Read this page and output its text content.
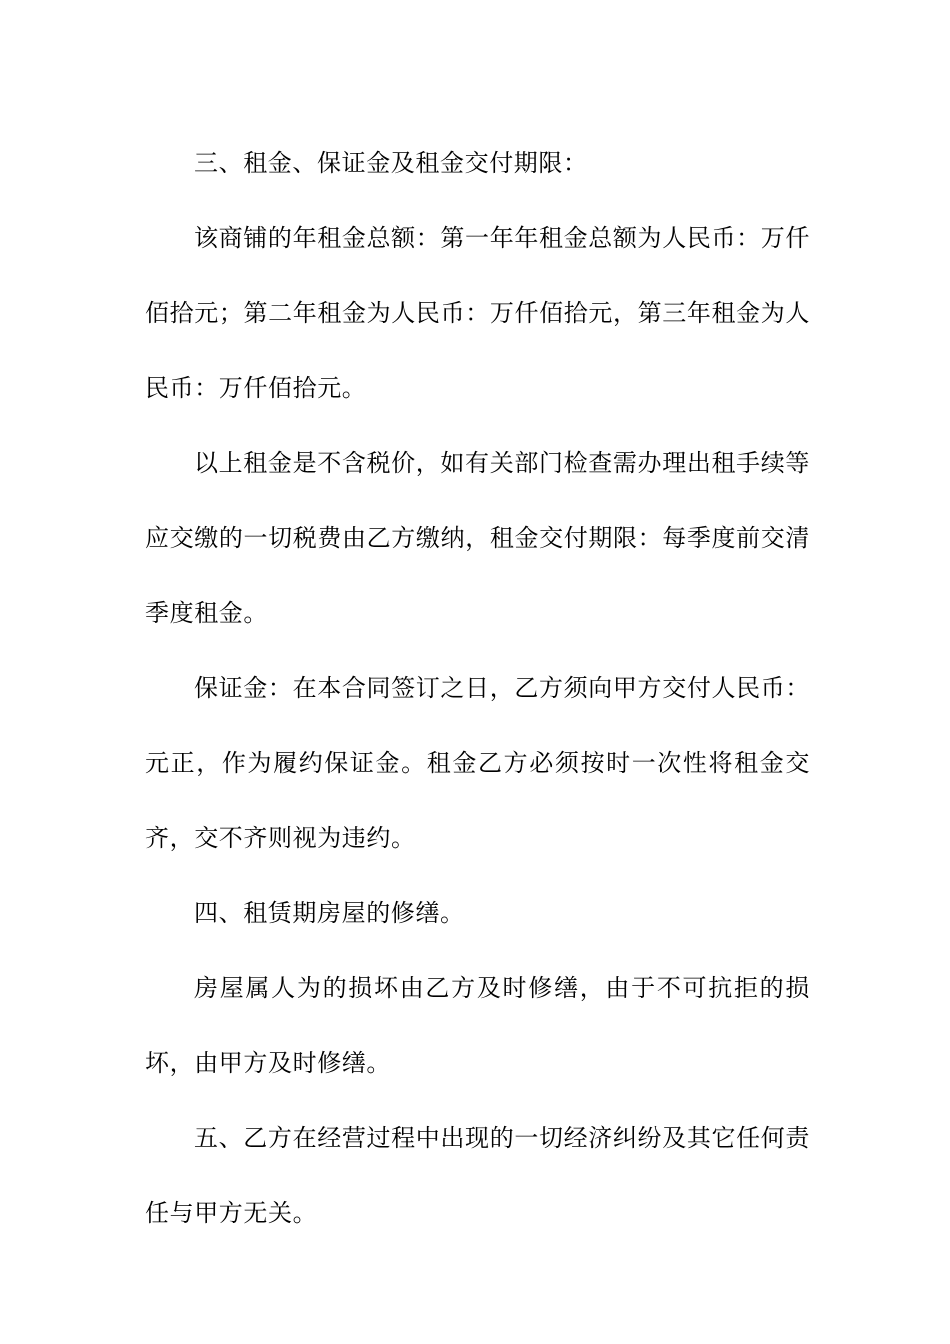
三、租金、保证金及租金交付期限：

该商铺的年租金总额：第一年年租金总额为人民币：万仟佰拾元；第二年租金为人民币：万仟佰拾元，第三年租金为人民币：万仟佰拾元。

以上租金是不含税价，如有关部门检查需办理出租手续等应交缴的一切税费由乙方缴纳，租金交付期限：每季度前交清季度租金。

保证金：在本合同签订之日，乙方须向甲方交付人民币：元正，作为履约保证金。租金乙方必须按时一次性将租金交齐，交不齐则视为违约。

四、租赁期房屋的修缮。

房屋属人为的损坏由乙方及时修缮，由于不可抗拒的损坏，由甲方及时修缮。

五、乙方在经营过程中出现的一切经济纠纷及其它任何责任与甲方无关。
